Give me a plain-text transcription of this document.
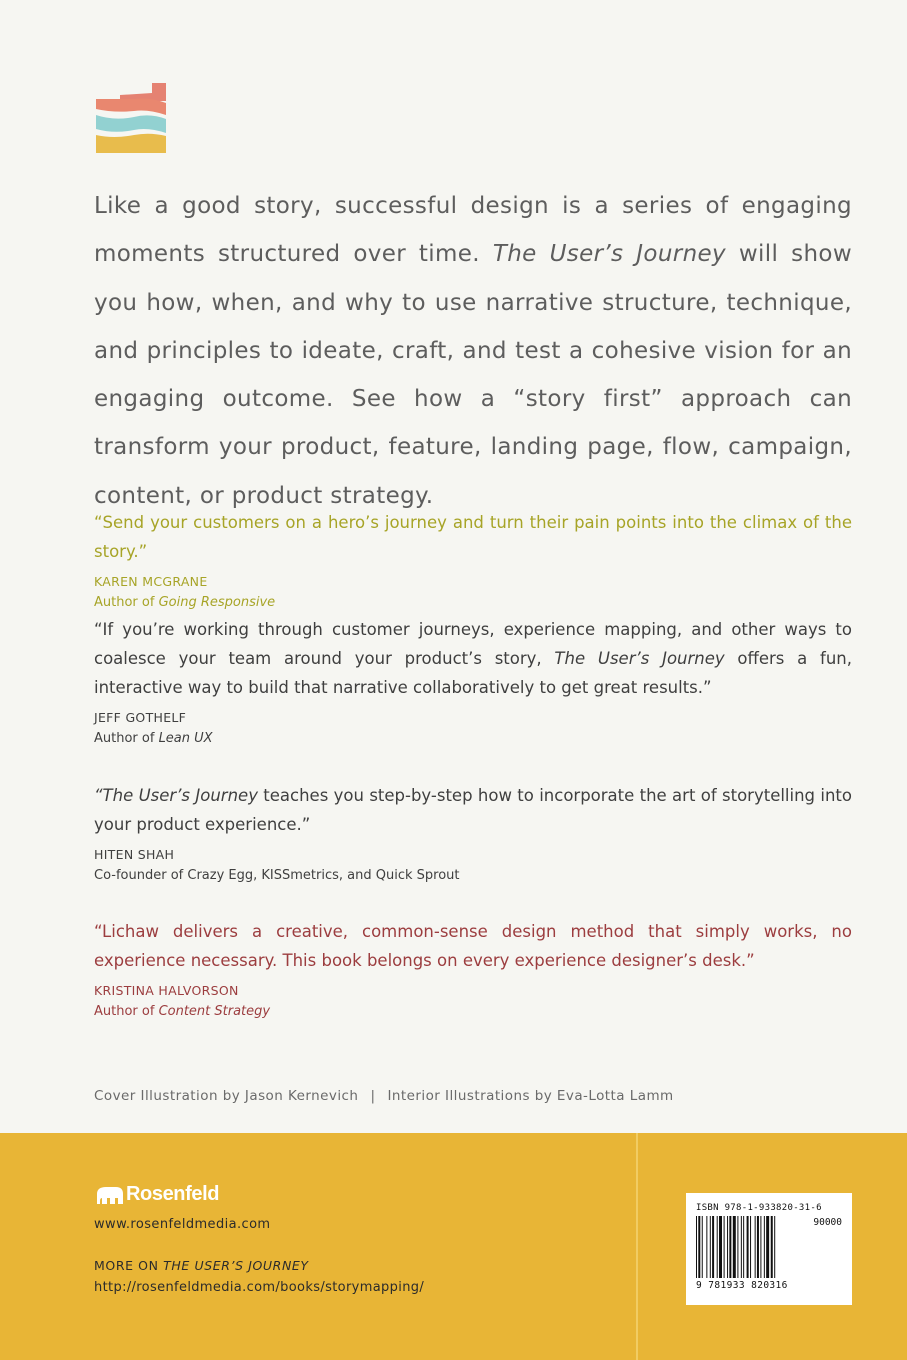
Like a good story, successful design is a series of engaging moments structured over time. The User’s Journey will show you how, when, and why to use narrative structure, technique, and principles to ideate, craft, and test a cohesive vision for an engaging outcome. See how a “story first” approach can transform your product, feature, landing page, flow, campaign, content, or product strategy.

“Send your customers on a hero’s journey and turn their pain points into the climax of the story.”

KAREN MCGRANE
Author of Going Responsive

“If you’re working through customer journeys, experience mapping, and other ways to coalesce your team around your product’s story, The User’s Journey offers a fun, interactive way to build that narrative collaboratively to get great results.”

JEFF GOTHELF
Author of Lean UX

“The User’s Journey teaches you step-by-step how to incorporate the art of storytelling into your product experience.”

HITEN SHAH
Co-founder of Crazy Egg, KISSmetrics, and Quick Sprout

“Lichaw delivers a creative, common-sense design method that simply works, no experience necessary. This book belongs on every experience designer’s desk.”

KRISTINA HALVORSON
Author of Content Strategy
Cover Illustration by Jason Kernevich | Interior Illustrations by Eva-Lotta Lamm
Rosenfeld
www.rosenfeldmedia.com
MORE ON THE USER’S JOURNEY
http://rosenfeldmedia.com/books/storymapping/
ISBN 978-1-933820-31-6
90000
9 781933 820316
